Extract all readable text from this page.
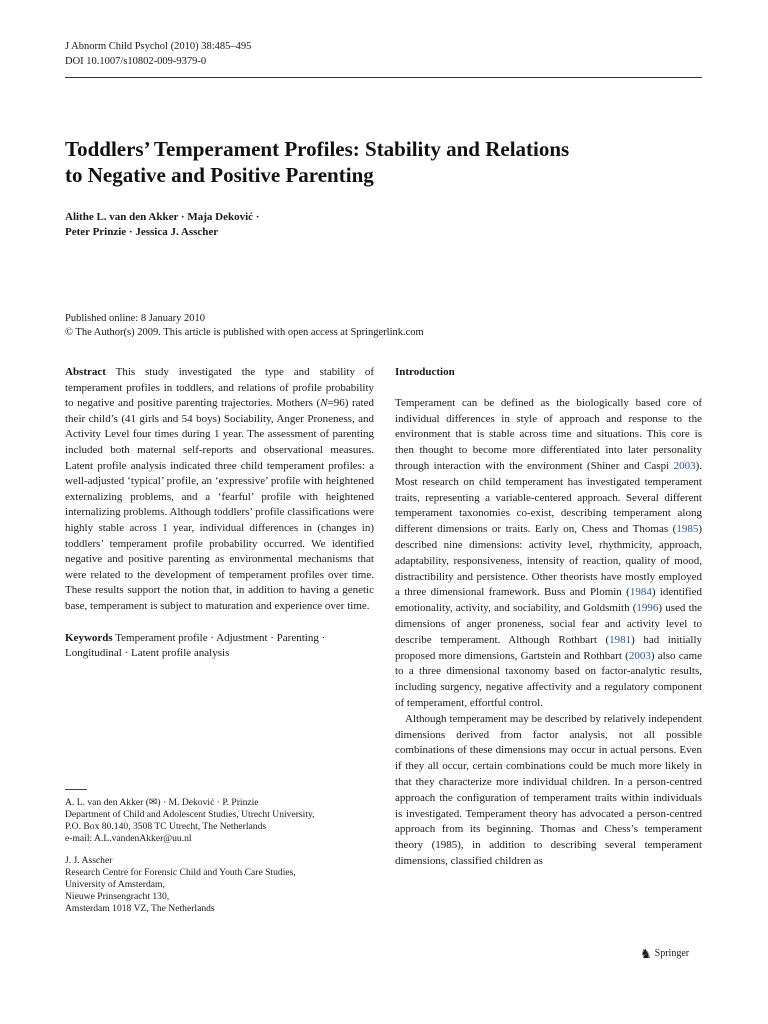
J Abnorm Child Psychol (2010) 38:485–495
DOI 10.1007/s10802-009-9379-0
Toddlers’ Temperament Profiles: Stability and Relations
to Negative and Positive Parenting
Alithe L. van den Akker · Maja Deković ·
Peter Prinzie · Jessica J. Asscher
Published online: 8 January 2010
© The Author(s) 2009. This article is published with open access at Springerlink.com

Abstract This study investigated the type and stability of temperament profiles in toddlers, and relations of profile probability to negative and positive parenting trajectories. Mothers (N=96) rated their child’s (41 girls and 54 boys) Sociability, Anger Proneness, and Activity Level four times during 1 year. The assessment of parenting included both maternal self-reports and observational measures. Latent profile analysis indicated three child temperament profiles: a well-adjusted ‘typical’ profile, an ‘expressive’ profile with heightened externalizing problems, and a ‘fearful’ profile with heightened internalizing problems. Although toddlers’ profile classifications were highly stable across 1 year, individual differences in (changes in) toddlers’ temperament profile probability occurred. We identified negative and positive parenting as environmental mechanisms that were related to the development of temperament profiles over time. These results support the notion that, in addition to having a genetic base, temperament is subject to maturation and experience over time.

Keywords Temperament profile · Adjustment · Parenting · Longitudinal · Latent profile analysis

A. L. van den Akker (✉) · M. Deković · P. Prinzie
Department of Child and Adolescent Studies, Utrecht University,
P.O. Box 80.140, 3508 TC Utrecht, The Netherlands
e-mail: A.L.vandenAkker@uu.nl

J. J. Asscher
Research Centre for Forensic Child and Youth Care Studies,
University of Amsterdam,
Nieuwe Prinsengracht 130,
Amsterdam 1018 VZ, The Netherlands

Introduction

Temperament can be defined as the biologically based core of individual differences in style of approach and response to the environment that is stable across time and situations. This core is then thought to become more differentiated into later personality through interaction with the environment (Shiner and Caspi 2003). Most research on child temperament has investigated temperament traits, representing a variable-centered approach. Several different temperament taxonomies co-exist, describing temperament along different dimensions or traits. Early on, Chess and Thomas (1985) described nine dimensions: activity level, rhythmicity, approach, adaptability, responsiveness, intensity of reaction, quality of mood, distractibility and persistence. Other theorists have mostly employed a three dimensional framework. Buss and Plomin (1984) identified emotionality, activity, and sociability, and Goldsmith (1996) used the dimensions of anger proneness, social fear and activity level to describe temperament. Although Rothbart (1981) had initially proposed more dimensions, Gartstein and Rothbart (2003) also came to a three dimensional taxonomy based on factor-analytic results, including surgency, negative affectivity and a regulatory component of temperament, effortful control.

Although temperament may be described by relatively independent dimensions derived from factor analysis, not all possible combinations of these dimensions may occur in actual persons. Even if they all occur, certain combinations could be much more likely in that they characterize more individual children. In a person-centred approach the configuration of temperament traits within individuals is investigated. Temperament theory has advocated a person-centred approach from its beginning. Thomas and Chess’s temperament theory (1985), in addition to describing several temperament dimensions, classified children as

♞ Springer
